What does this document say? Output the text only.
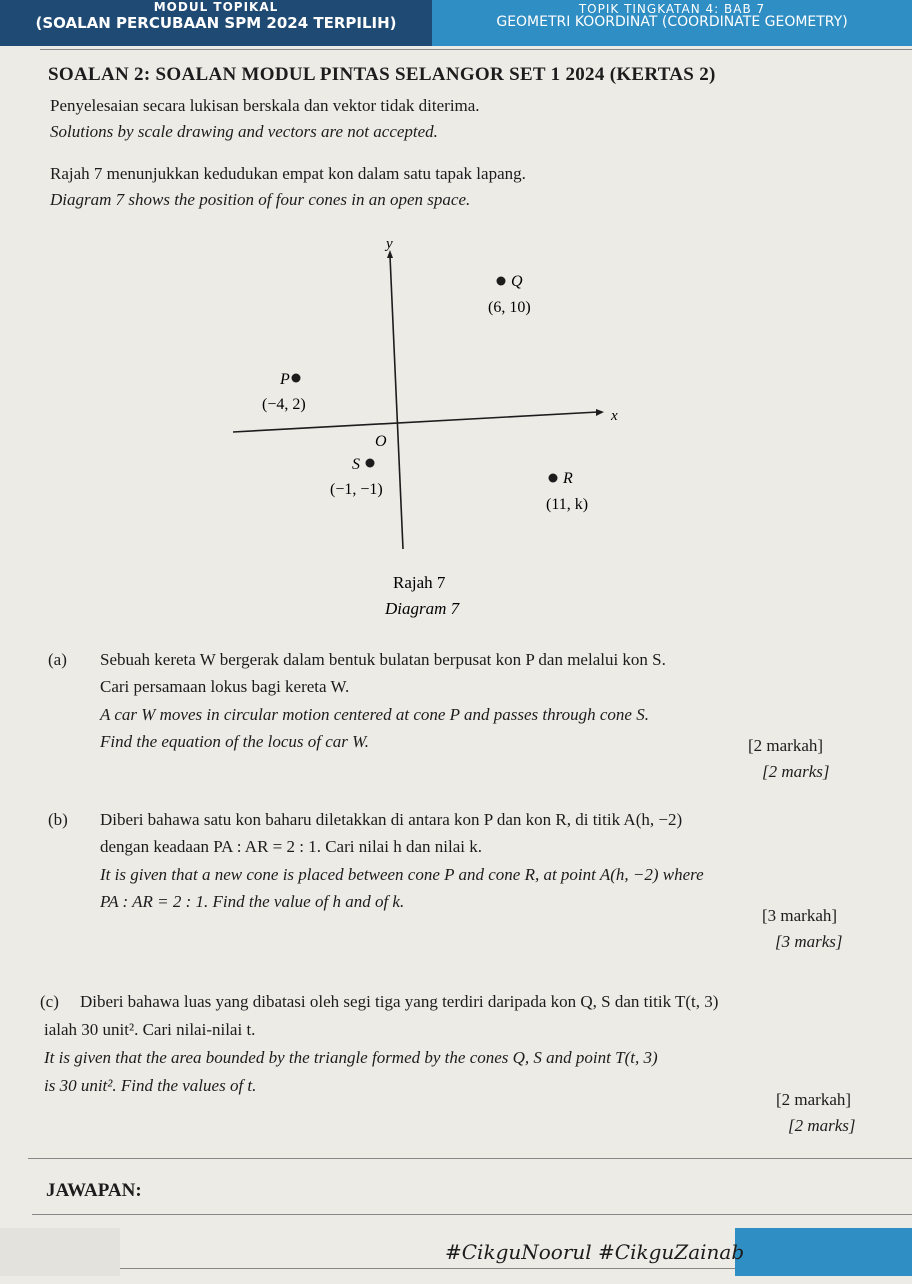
MODUL TOPIKAL
(SOALAN PERCUBAAN SPM 2024 TERPILIH)
TOPIK TINGKATAN 4: BAB 7
GEOMETRI KOORDINAT (COORDINATE GEOMETRY)
SOALAN 2: SOALAN MODUL PINTAS SELANGOR SET 1 2024 (KERTAS 2)
Penyelesaian secara lukisan berskala dan vektor tidak diterima.
Solutions by scale drawing and vectors are not accepted.
Rajah 7 menunjukkan kedudukan empat kon dalam satu tapak lapang.
Diagram 7 shows the position of four cones in an open space.
y
x
O
Q
(6, 10)
P
(−4, 2)
S
(−1, −1)
R
(11, k)
Rajah 7
Diagram 7
(a) Sebuah kereta W bergerak dalam bentuk bulatan berpusat kon P dan melalui kon S.
Cari persamaan lokus bagi kereta W.
A car W moves in circular motion centered at cone P and passes through cone S.
Find the equation of the locus of car W.	[2 markah]
[2 marks]
(b) Diberi bahawa satu kon baharu diletakkan di antara kon P dan kon R, di titik A(h, −2)
dengan keadaan PA : AR = 2 : 1. Cari nilai h dan nilai k.
It is given that a new cone is placed between cone P and cone R, at point A(h, −2) where
PA : AR = 2 : 1. Find the value of h and of k.
[3 markah]
[3 marks]
(c) Diberi bahawa luas yang dibatasi oleh segi tiga yang terdiri daripada kon Q, S dan titik T(t, 3)
ialah 30 unit². Cari nilai-nilai t.
It is given that the area bounded by the triangle formed by the cones Q, S and point T(t, 3)
is 30 unit². Find the values of t.
[2 markah]
[2 marks]
JAWAPAN:
#CikguNoorul #CikguZainab
